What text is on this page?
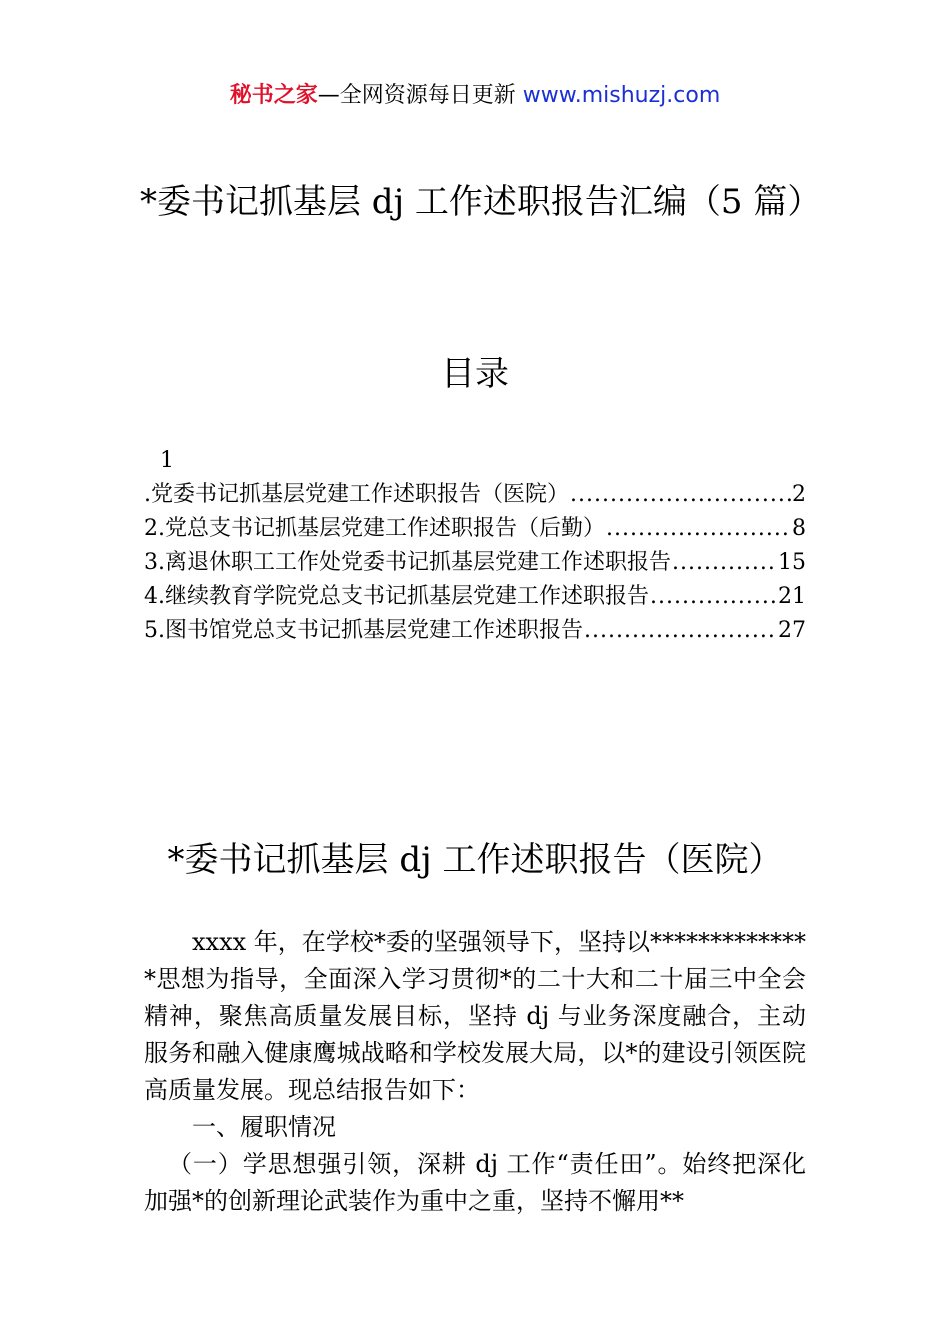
秘书之家—全网资源每日更新 www.mishuzj.com
*委书记抓基层 dj 工作述职报告汇编（5 篇）
目录
1
.党委书记抓基层党建工作述职报告（医院） .....	2
2.党总支书记抓基层党建工作述职报告（后勤） .....	8
3.离退休职工工作处党委书记抓基层党建工作述职报告 .....	15
4.继续教育学院党总支书记抓基层党建工作述职报告 .....	21
5.图书馆党总支书记抓基层党建工作述职报告 .....	27
*委书记抓基层 dj 工作述职报告（医院）

xxxx 年，在学校*委的坚强领导下，坚持以**************思想为指导，全面深入学习贯彻*的二十大和二十届三中全会精神，聚焦高质量发展目标，坚持 dj 与业务深度融合，主动服务和融入健康鹰城战略和学校发展大局，以*的建设引领医院高质量发展。现总结报告如下：

一、履职情况

（一）学思想强引领，深耕 dj 工作“责任田”。始终把深化加强*的创新理论武装作为重中之重，坚持不懈用**
